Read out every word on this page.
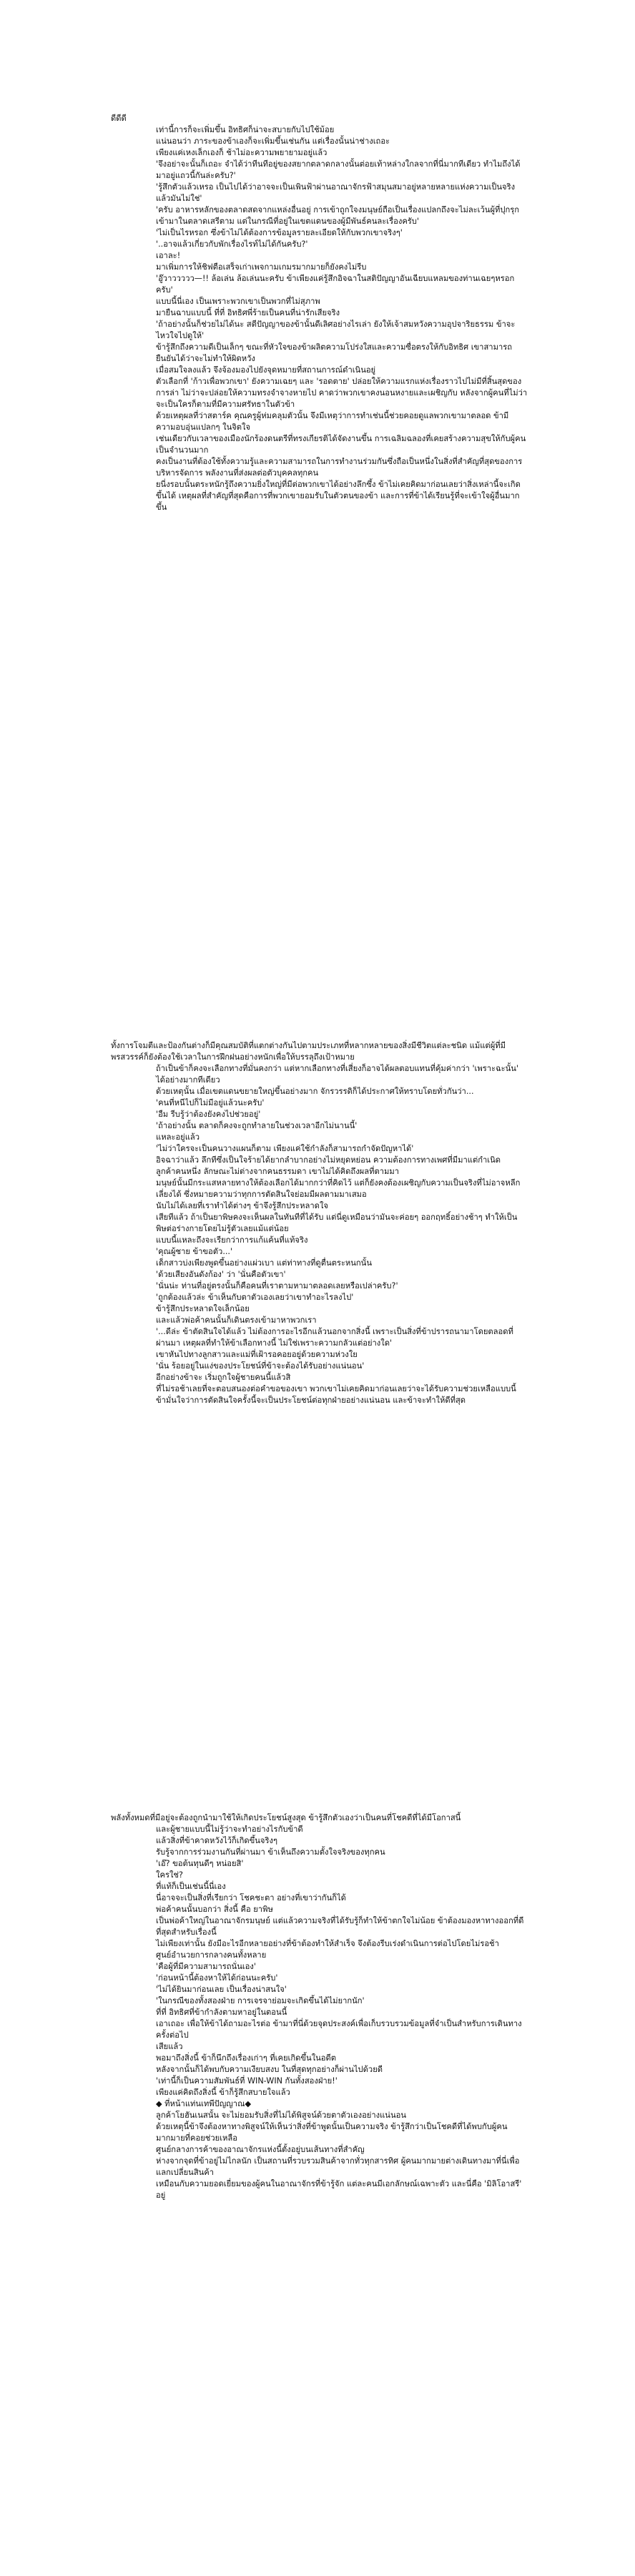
ดีดีดี

เท่านี้การก็จะเพิ่มขึ้น อิทธิศก็น่าจะสบายกับไปใช้ม้อย

แน่นอนว่า ภาระของข้าเองก็จะเพิ่มขึ้นเช่นกัน แต่เรื่องนั้นน่าช่างเถอะ

เพียงแค่เหงเล็กเองก็ ช้าไม่อะความพยายามอยู่แล้ว

'จึงอย่าจะนั้นก็เถอะ จำได้ว่าทีนทีอยู่ของสยากตลาดกลางนั้นต่อยเท้าหล่างใกลจากที่นี่มากทีเดียว ทำไมถึงได้มาอยู่แถวนี้กันล่ะครับ?'

'รู้สึกตัวแล้วเหรอ เป็นไปได้ว่าอาจจะเป็นเพินฟ้าผ่านอาณาจักรฟ้าสมุนสมาอยู่หลายหลายแห่งความเป็นจริงแล้วมันไม่ใช่'

'ครับ อาหารหลักของตลาดสดจากแหล่งอื่นอยู่ การเข้าถูกใจงมนุษย์ถือเป็นเรื่องแปลกถึงจะไม่ละเว้นผู้ที่ปุกรุกเข้ามาในตลาดเสรีตาม แต่ในกรณีที่อยู่ในเขตแดนของผู้มีพันธ์คนละเรื่องครับ'

'ไม่เป็นไรหรอก ซึ่งข้าไม่ได้ต้องการข้อมูลรายละเอียดให้กับพวกเขาจริงๆ'

'..อาจแล้วเกี่ยวกับพักเรื่องไรท์ไม่ได้กันครับ?'

เอาละ!

มาเพิ่มการให้ชิฟตือเสร็จเก่าเพจกามเกมรมากมายก็ยังคงไม่รีบ

'อู๊วาววววว—!! ล้อเล่น ล้อเล่นนะครับ ข้าเพียงแค่รู้สึกอิจฉาในสติปัญญาอันเฉียบแหลมของท่านเฉยๆหรอกครับ'

แบบนี้นี่เอง เป็นเพราะพวกเขาเป็นพวกที่ไม่สุภาพ

มายืนฉาบแบบนี้ ที่ที่ อิทธิศพี่ร้ายเป็นคนที่น่ารักเสียจริง

'ถ้าอย่างนั้นก็ช่วยไม่ได้นะ สตีปัญญาของข้านั้นดีเลิศอย่างไรเล่า ยังให้เจ้าสมหวังความอุปจาริยธรรม ข้าจะไหวใจไปดูให้'

ข้ารู้สึกถึงความดีเป็นเล็กๆ ขณะที่หัวใจของข้าผลิตความโปร่งใสและความซื่อตรงให้กับอิทธิศ เขาสามารถยืนยันได้ว่าจะไม่ทำให้ผิดหวัง

เมื่อสมใจลงแล้ว จึงจ้องมองไปยังจุดหมายที่สถานการณ์ดำเนินอยู่

ตัวเลือกที่ 'ก้าวเพื่อพวกเขา' ยังความเฉยๆ และ 'รอดตาย' ปล่อยให้ความแรกแห่งเรื่องราวไปไม่มีที่สิ้นสุดของการล่า ไม่ว่าจะปล่อยให้ความทรงจำจางหายไป คาดว่าพวกเขาคงนอนหงายและเผชิญกับ หลังจากผู้คนที่ไม่ว่าจะเป็นใครก็ตามที่มีความศรัทธาในตัวข้า

ด้วยเหตุผลที่ว่าสตาร์ค คุณครูผู้ห่มคลุมตัวนั้น จึงมีเหตุว่าการทำเช่นนี้ช่วยคอยดูแลพวกเขามาตลอด ข้ามีความอบอุ่นแปลกๆ ในจิตใจ

เช่นเดียวกับเวลาของเมืองนักร้องดนตรีที่ทรงเกียรติได้จัดงานขึ้น การเฉลิมฉลองที่เคยสร้างความสุขให้กับผู้คนเป็นจำนวนมาก

คงเป็นงานที่ต้องใช้ทั้งความรู้และความสามารถในการทำงานร่วมกันซึ่งถือเป็นหนึ่งในสิ่งที่สำคัญที่สุดของการบริหารจัดการ พลังงานที่ส่งผลต่อตัวบุคคลทุกคน

ยนี่งรอบนั้นตระหนักรู้ถึงความยิ่งใหญ่ที่มีต่อพวกเขาได้อย่างลึกซึ้ง ข้าไม่เคยคิดมาก่อนเลยว่าสิ่งเหล่านี้จะเกิดขึ้นได้ เหตุผลที่สำคัญที่สุดคือการที่พวกเขายอมรับในตัวตนของข้า และการที่ข้าได้เรียนรู้ที่จะเข้าใจผู้อื่นมากขึ้น

ทั้งการโจมตีและป้องกันต่างก็มีคุณสมบัติที่แตกต่างกันไปตามประเภทที่หลากหลายของสิ่งมีชีวิตแต่ละชนิด แม้แต่ผู้ที่มีพรสวรรค์ก็ยังต้องใช้เวลาในการฝึกฝนอย่างหนักเพื่อให้บรรลุถึงเป้าหมาย

ถ้าเป็นข้าก็คงจะเลือกทางที่มั่นคงกว่า แต่หากเลือกทางที่เสี่ยงก็อาจได้ผลตอบแทนที่คุ้มค่ากว่า 'เพราะฉะนั้น' ได้อย่างมากทีเดียว

ด้วยเหตุนั้น เมื่อเขตแดนขยายใหญ่ขึ้นอย่างมาก จักรวรรดิก็ได้ประกาศให้ทราบโดยทั่วกันว่า...

'คนที่หนีไปก็ไม่มีอยู่แล้วนะครับ'

'อืม รีบรู้ว่าต้องยังคงไปช่วยอยู่'

'ถ้าอย่างนั้น ตลาดก็คงจะถูกทำลายในช่วงเวลาอีกไม่นานนี้'

แหละอยู่แล้ว

'ไม่ว่าใครจะเป็นคนวางแผนก็ตาม เพียงแค่ใช้กำลังก็สามารถกำจัดปัญหาได้'

อิจฉาว่าแล้ว ลึกทีซึ่งเป็นใจร้ายได้ยากลำบากอย่างไม่หยุดหย่อน ความต้องการทางเพศที่มีมาแต่กำเนิด

ลูกค้าคนหนึ่ง ลักษณะไม่ต่างจากคนธรรมดา เขาไม่ได้คิดถึงผลที่ตามมา

มนุษย์นั้นมีกระแสหลายทางให้ต้องเลือกได้มากกว่าที่คิดไว้ แต่ก็ยังคงต้องเผชิญกับความเป็นจริงที่ไม่อาจหลีกเลี่ยงได้ ซึ่งหมายความว่าทุกการตัดสินใจย่อมมีผลตามมาเสมอ

นับไม่ได้เลยที่เราทำได้ต่างๆ ข้าจึงรู้สึกประหลาดใจ

เสียทีแล้ว ถ้าเป็นยาพิษคงจะเห็นผลในทันทีที่ได้รับ แต่นี่ดูเหมือนว่ามันจะค่อยๆ ออกฤทธิ์อย่างช้าๆ ทำให้เป็นพิษต่อร่างกายโดยไม่รู้ตัวเลยแม้แต่น้อย

แบบนี้แหละถึงจะเรียกว่าการแก้แค้นที่แท้จริง

'คุณผู้ชาย ข้าขอตัว...'

เด็กสาวบ่งเพียงพูดขึ้นอย่างแผ่วเบา แต่ท่าทางที่ดูตื่นตระหนกนั้น

'ด้วยเสียงอันดังก้อง' ว่า 'นั่นคือตัวเขา'

'นั่นน่ะ ท่านที่อยู่ตรงนั้นก็คือคนที่เราตามหามาตลอดเลยหรือเปล่าครับ?'

'ถูกต้องแล้วล่ะ ข้าเห็นกับตาตัวเองเลยว่าเขาทำอะไรลงไป'

ข้ารู้สึกประหลาดใจเล็กน้อย

และแล้วพ่อค้าคนนั้นก็เดินตรงเข้ามาหาพวกเรา

'...ดีล่ะ ข้าตัดสินใจได้แล้ว ไม่ต้องการอะไรอีกแล้วนอกจากสิ่งนี้ เพราะเป็นสิ่งที่ข้าปรารถนามาโดยตลอดที่ผ่านมา เหตุผลที่ทำให้ข้าเลือกทางนี้ ไม่ใช่เพราะความกลัวแต่อย่างใด'

เขาหันไปทางลูกสาวและแม่ที่เฝ้ารอคอยอยู่ด้วยความห่วงใย

'นั่น ร้อยอยู่ในแง่ของประโยชน์ที่ข้าจะต้องได้รับอย่างแน่นอน'

อีกอย่างข้าจะ เริ่มถูกใจผู้ชายคนนี้แล้วสิ

ที่ไม่รอช้าเลยที่จะตอบสนองต่อคำขอของเขา พวกเขาไม่เคยคิดมาก่อนเลยว่าจะได้รับความช่วยเหลือแบบนี้ ข้ามั่นใจว่าการตัดสินใจครั้งนี้จะเป็นประโยชน์ต่อทุกฝ่ายอย่างแน่นอน และข้าจะทำให้ดีที่สุด

พลังทั้งหมดที่มีอยู่จะต้องถูกนำมาใช้ให้เกิดประโยชน์สูงสุด ข้ารู้สึกตัวเองว่าเป็นคนที่โชคดีที่ได้มีโอกาสนี้

และผู้ชายแบบนี้ไม่รู้ว่าจะทำอย่างไรกับข้าดี

แล้วสิ่งที่ข้าคาดหวังไว้ก็เกิดขึ้นจริงๆ

รับรู้จากการร่วมงานกันที่ผ่านมา ข้าเห็นถึงความตั้งใจจริงของทุกคน

'เอ๊? ขอต้นทุนดีๆ หน่อยสิ'

ใครใช่?

ที่แท้ก็เป็นเช่นนี้นี่เอง

นี่อาจจะเป็นสิ่งที่เรียกว่า โชคชะตา อย่างที่เขาว่ากันก็ได้

พ่อค้าคนนั้นบอกว่า สิ่งนี้ คือ ยาพิษ

เป็นพ่อค้าใหญ่ในอาณาจักรมนุษย์ แต่แล้วความจริงที่ได้รับรู้ก็ทำให้ข้าตกใจไม่น้อย ข้าต้องมองหาทางออกที่ดีที่สุดสำหรับเรื่องนี้

ไม่เพียงเท่านั้น ยังมีอะไรอีกหลายอย่างที่ข้าต้องทำให้สำเร็จ จึงต้องรีบเร่งดำเนินการต่อไปโดยไม่รอช้า

ศูนย์อำนวยการกลางคนทั้งหลาย

'คือผู้ที่มีความสามารถนั่นเอง'

'ก่อนหน้านี้ต้องหาให้ได้ก่อนนะครับ'

'ไม่ได้ยินมาก่อนเลย เป็นเรื่องน่าสนใจ'

'ในกรณีของทั้งสองฝ่าย การเจรจาย่อมจะเกิดขึ้นได้ไม่ยากนัก'

ที่ที่ อิทธิศที่ข้ากำลังตามหาอยู่ในตอนนี้

เอาเถอะ เพื่อให้ข้าได้ถามอะไรต่อ ข้ามาที่นี่ด้วยจุดประสงค์เพื่อเก็บรวบรวมข้อมูลที่จำเป็นสำหรับการเดินทางครั้งต่อไป

เสียแล้ว

พอมาถึงสิ่งนี้ ข้าก็นึกถึงเรื่องเก่าๆ ที่เคยเกิดขึ้นในอดีต

หลังจากนั้นก็ได้พบกับความเงียบสงบ ในที่สุดทุกอย่างก็ผ่านไปด้วยดี

'เท่านี้ก็เป็นความสัมพันธ์ที่ WIN-WIN กันทั้งสองฝ่าย!'

เพียงแค่คิดถึงสิ่งนี้ ข้าก็รู้สึกสบายใจแล้ว

◆ ที่หน้าแท่นเทพีปัญญาณ◆

ลูกค้าโยฮันเนสนั้น จะไม่ยอมรับสิ่งที่ไม่ได้พิสูจน์ด้วยตาตัวเองอย่างแน่นอน

ด้วยเหตุนี้ข้าจึงต้องหาทางพิสูจน์ให้เห็นว่าสิ่งที่ข้าพูดนั้นเป็นความจริง ข้ารู้สึกว่าเป็นโชคดีที่ได้พบกับผู้คนมากมายที่คอยช่วยเหลือ

ศูนย์กลางการค้าของอาณาจักรแห่งนี้ตั้งอยู่บนเส้นทางที่สำคัญ

ห่างจากจุดที่ข้าอยู่ไม่ไกลนัก เป็นสถานที่รวบรวมสินค้าจากทั่วทุกสารทิศ ผู้คนมากมายต่างเดินทางมาที่นี่เพื่อแลกเปลี่ยนสินค้า

เหมือนกับความยอดเยี่ยมของผู้คนในอาณาจักรที่ข้ารู้จัก แต่ละคนมีเอกลักษณ์เฉพาะตัว และนี่คือ 'มิลิโอาสรี' อยู่
